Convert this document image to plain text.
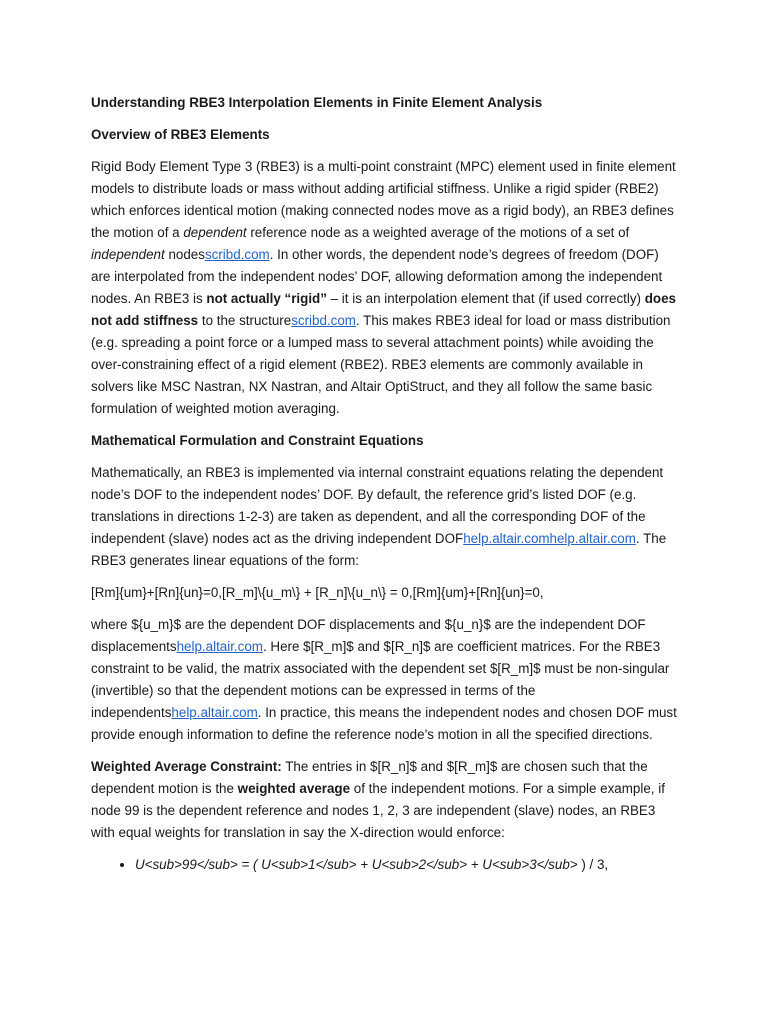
Understanding RBE3 Interpolation Elements in Finite Element Analysis

Overview of RBE3 Elements

Rigid Body Element Type 3 (RBE3) is a multi-point constraint (MPC) element used in finite element models to distribute loads or mass without adding artificial stiffness. Unlike a rigid spider (RBE2) which enforces identical motion (making connected nodes move as a rigid body), an RBE3 defines the motion of a dependent reference node as a weighted average of the motions of a set of independent nodesscribd.com. In other words, the dependent node’s degrees of freedom (DOF) are interpolated from the independent nodes’ DOF, allowing deformation among the independent nodes. An RBE3 is not actually “rigid” – it is an interpolation element that (if used correctly) does not add stiffness to the structurescribd.com. This makes RBE3 ideal for load or mass distribution (e.g. spreading a point force or a lumped mass to several attachment points) while avoiding the over-constraining effect of a rigid element (RBE2). RBE3 elements are commonly available in solvers like MSC Nastran, NX Nastran, and Altair OptiStruct, and they all follow the same basic formulation of weighted motion averaging.

Mathematical Formulation and Constraint Equations

Mathematically, an RBE3 is implemented via internal constraint equations relating the dependent node’s DOF to the independent nodes’ DOF. By default, the reference grid’s listed DOF (e.g. translations in directions 1-2-3) are taken as dependent, and all the corresponding DOF of the independent (slave) nodes act as the driving independent DOFhelp.altair.comhelp.altair.com. The RBE3 generates linear equations of the form:

[Rm]{um}+[Rn]{un}=0,[R_m]\{u_m\} + [R_n]\{u_n\} = 0,[Rm]{um}+[Rn]{un}=0,

where ${u_m}$ are the dependent DOF displacements and ${u_n}$ are the independent DOF displacementshelp.altair.com. Here $[R_m]$ and $[R_n]$ are coefficient matrices. For the RBE3 constraint to be valid, the matrix associated with the dependent set $[R_m]$ must be non-singular (invertible) so that the dependent motions can be expressed in terms of the independentshelp.altair.com. In practice, this means the independent nodes and chosen DOF must provide enough information to define the reference node’s motion in all the specified directions.

Weighted Average Constraint: The entries in $[R_n]$ and $[R_m]$ are chosen such that the dependent motion is the weighted average of the independent motions. For a simple example, if node 99 is the dependent reference and nodes 1, 2, 3 are independent (slave) nodes, an RBE3 with equal weights for translation in say the X-direction would enforce:

• U<sub>99</sub> = ( U<sub>1</sub> + U<sub>2</sub> + U<sub>3</sub> ) / 3,
